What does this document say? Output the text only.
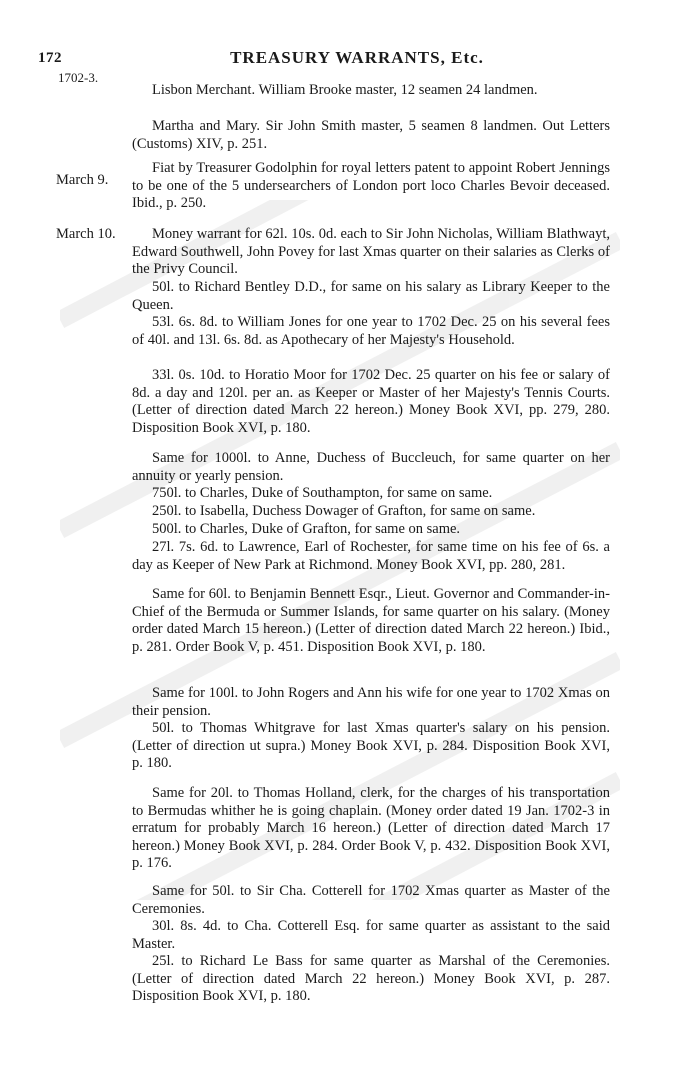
172	TREASURY WARRANTS, Etc.
1702-3.

Lisbon Merchant. William Brooke master, 12 seamen 24 landmen.

Martha and Mary. Sir John Smith master, 5 seamen 8 landmen. Out Letters (Customs) XIV, p. 251.

March 9.

Fiat by Treasurer Godolphin for royal letters patent to appoint Robert Jennings to be one of the 5 undersearchers of London port loco Charles Bevoir deceased. Ibid., p. 250.

March 10.	Money warrant for 62l. 10s. 0d. each to Sir John Nicholas, William Blathwayt, Edward Southwell, John Povey for last Xmas quarter on their salaries as Clerks of the Privy Council.

50l. to Richard Bentley D.D., for same on his salary as Library Keeper to the Queen.

53l. 6s. 8d. to William Jones for one year to 1702 Dec. 25 on his several fees of 40l. and 13l. 6s. 8d. as Apothecary of her Majesty's Household.

33l. 0s. 10d. to Horatio Moor for 1702 Dec. 25 quarter on his fee or salary of 8d. a day and 120l. per an. as Keeper or Master of her Majesty's Tennis Courts. (Letter of direction dated March 22 hereon.) Money Book XVI, pp. 279, 280. Disposition Book XVI, p. 180.

Same for 1000l. to Anne, Duchess of Buccleuch, for same quarter on her annuity or yearly pension.

750l. to Charles, Duke of Southampton, for same on same.

250l. to Isabella, Duchess Dowager of Grafton, for same on same.

500l. to Charles, Duke of Grafton, for same on same.

27l. 7s. 6d. to Lawrence, Earl of Rochester, for same time on his fee of 6s. a day as Keeper of New Park at Richmond. Money Book XVI, pp. 280, 281.

Same for 60l. to Benjamin Bennett Esqr., Lieut. Governor and Commander-in-Chief of the Bermuda or Summer Islands, for same quarter on his salary. (Money order dated March 15 hereon.) (Letter of direction dated March 22 hereon.) Ibid., p. 281. Order Book V, p. 451. Disposition Book XVI, p. 180.

Same for 100l. to John Rogers and Ann his wife for one year to 1702 Xmas on their pension.

50l. to Thomas Whitgrave for last Xmas quarter's salary on his pension. (Letter of direction ut supra.) Money Book XVI, p. 284. Disposition Book XVI, p. 180.

Same for 20l. to Thomas Holland, clerk, for the charges of his transportation to Bermudas whither he is going chaplain. (Money order dated 19 Jan. 1702-3 in erratum for probably March 16 hereon.) (Letter of direction dated March 17 hereon.) Money Book XVI, p. 284. Order Book V, p. 432. Disposition Book XVI, p. 176.

Same for 50l. to Sir Cha. Cotterell for 1702 Xmas quarter as Master of the Ceremonies.

30l. 8s. 4d. to Cha. Cotterell Esq. for same quarter as assistant to the said Master.

25l. to Richard Le Bass for same quarter as Marshal of the Ceremonies. (Letter of direction dated March 22 hereon.) Money Book XVI, p. 287. Disposition Book XVI, p. 180.
